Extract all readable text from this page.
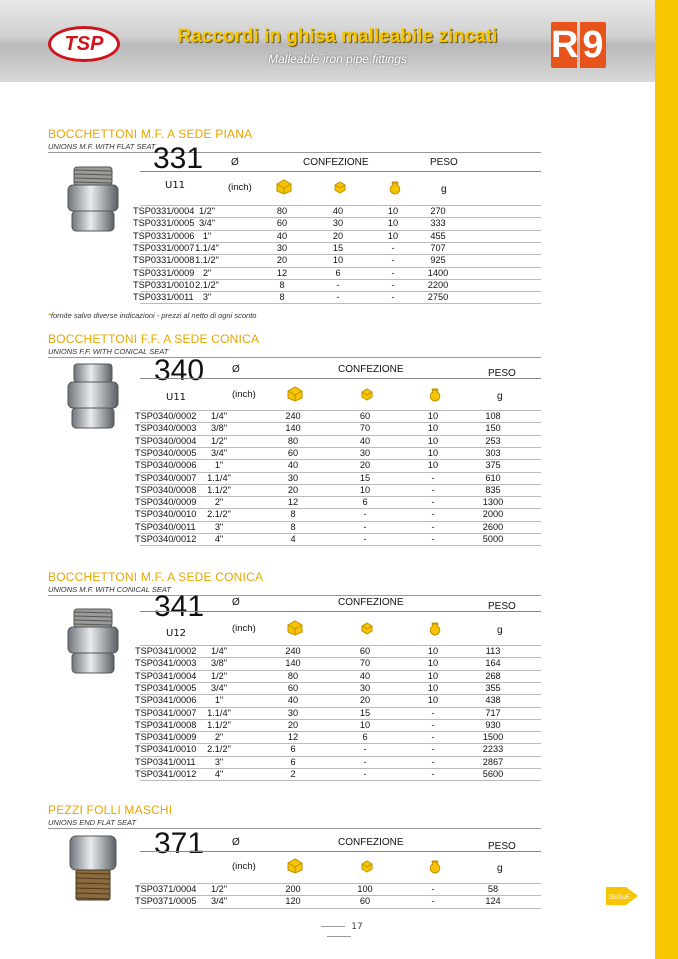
TSP	Raccordi in ghisa malleabile zincati
Malleable iron pipe fittings	R 9
BOCCHETTONI M.F. A SEDE PIANA
UNIONS M.F. WITH FLAT SEAT
331
U11
Ø	CONFEZIONE	PESO
(inch)	g
TSP0331/0004 1/2"	80	40	10	270
TSP0331/0005 3/4"	60	30	10	333
TSP0331/0006 1"	40	20	10	455
TSP0331/0007 1.1/4"	30	15	-	707
TSP0331/0008 1.1/2"	20	10	-	925
TSP0331/0009 2"	12	6	-	1400
TSP0331/0010 2.1/2"	8	-	-	2200
TSP0331/0011 3"	8	-	-	2750
BOCCHETTONI F.F. A SEDE CONICA
UNIONS F.F. WITH CONICAL SEAT
340
U11
Ø	CONFEZIONE	PESO
(inch)	g
TSP0340/0002	1/4"	240	60	10	108
TSP0340/0003	3/8"	140	70	10	150
TSP0340/0004	1/2"	80	40	10	253
TSP0340/0005	3/4"	60	30	10	303
TSP0340/0006	1"	40	20	10	375
TSP0340/0007 1.1/4"	30	15	-	610
TSP0340/0008 1.1/2"	20	10	-	835
TSP0340/0009	2"	12	6	-	1300
TSP0340/0010 2.1/2"	8	-	-	2000
TSP0340/0011	3"	8	-	-	2600
TSP0340/0012	4"	4	-	-	5000
BOCCHETTONI M.F. A SEDE CONICA
UNIONS M.F. WITH CONICAL SEAT
341
U12
Ø	CONFEZIONE	PESO
(inch)	g
TSP0341/0002	1/4"	240	60	10	113
TSP0341/0003	3/8"	140	70	10	164
TSP0341/0004	1/2"	80	40	10	268
TSP0341/0005	3/4"	60	30	10	355
TSP0341/0006	1"	40	20	10	438
TSP0341/0007 1.1/4"	30	15	-	717
TSP0341/0008 1.1/2"	20	10	-	930
TSP0341/0009	2"	12	6	-	1500
TSP0341/0010 2.1/2"	6	-	-	2233
TSP0341/0011	3"	6	-	-	2867
TSP0341/0012	4"	2	-	-	5600
PEZZI FOLLI MASCHI
UNIONS END FLAT SEAT
371	Ø	CONFEZIONE	PESO
(inch)	g
TSP0371/0004	1/2"	200	100	-	58
TSP0371/0005	3/4"	120	60	-	124
*fornite salvo diverse indicazioni - prezzi al netto di ogni sconto
17
SEGUE
